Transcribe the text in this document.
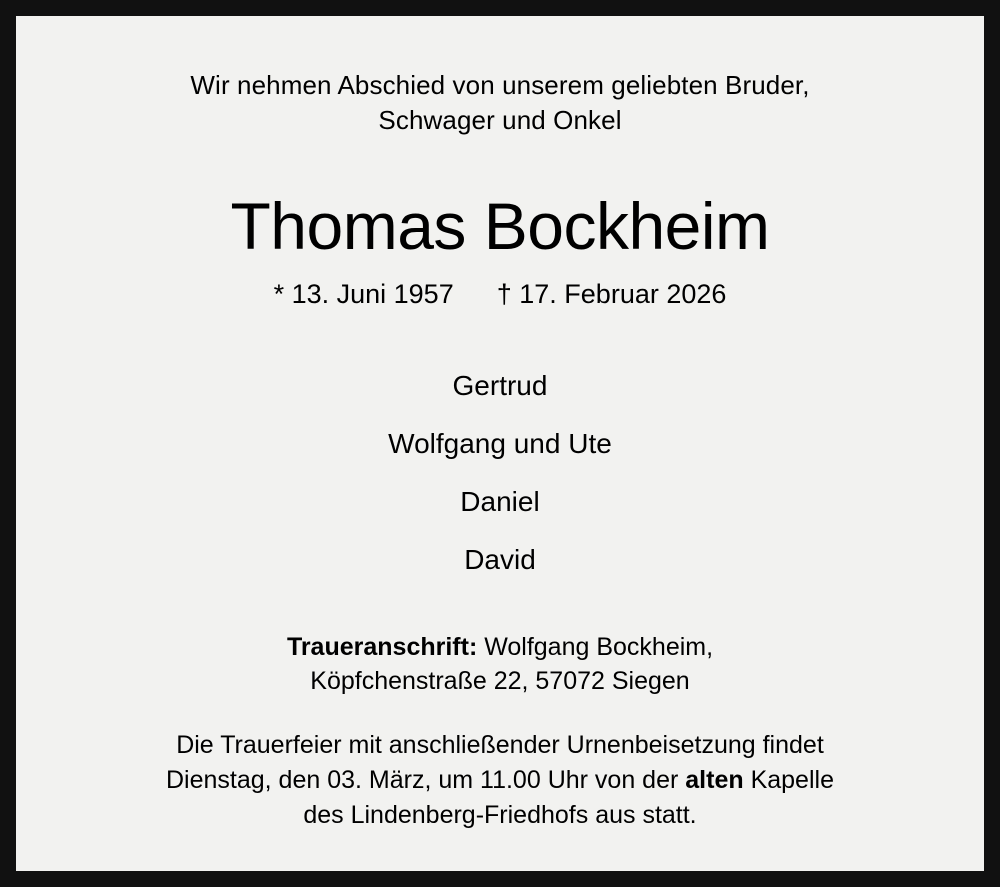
Wir nehmen Abschied von unserem geliebten Bruder,
Schwager und Onkel
Thomas Bockheim
* 13. Juni 1957 † 17. Februar 2026
Gertrud
Wolfgang und Ute
Daniel
David
Traueranschrift: Wolfgang Bockheim,
Köpfchenstraße 22, 57072 Siegen
Die Trauerfeier mit anschließender Urnenbeisetzung findet
Dienstag, den 03. März, um 11.00 Uhr von der alten Kapelle
des Lindenberg-Friedhofs aus statt.
